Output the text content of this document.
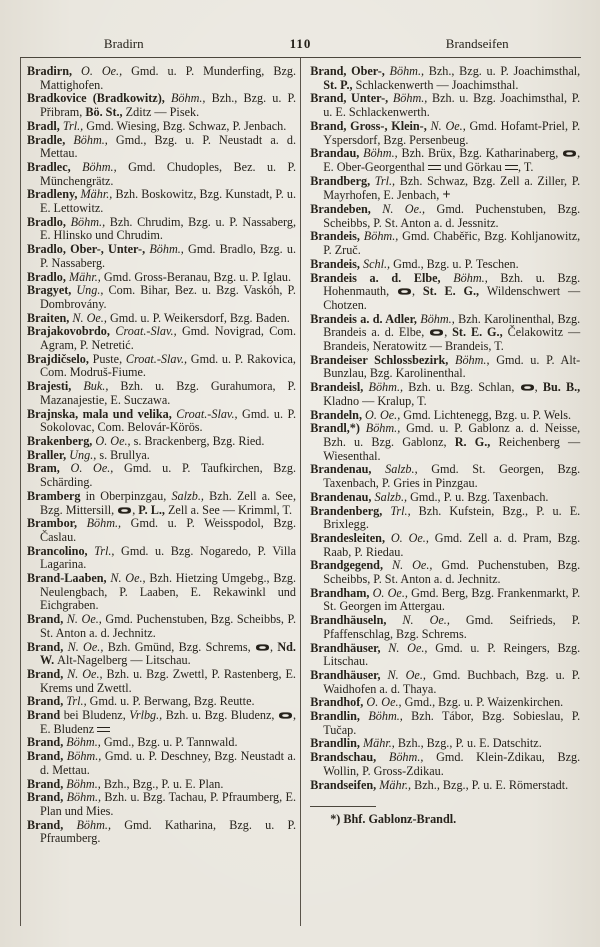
Bradirn	110	Brandseifen

Bradirn, O. Oe., Gmd. u. P. Munderfing, Bzg. Mattighofen.

Bradkovice (Bradkowitz), Böhm., Bzh., Bzg. u. P. Přibram, Bö. St., Zditz — Pisek.

Bradl, Trl., Gmd. Wiesing, Bzg. Schwaz, P. Jenbach.

Bradle, Böhm., Gmd., Bzg. u. P. Neustadt a. d. Mettau.

Bradlec, Böhm., Gmd. Chudoples, Bez. u. P. Münchengrätz.

Bradleny, Mähr., Bzh. Boskowitz, Bzg. Kunstadt, P. u. E. Lettowitz.

Bradlo, Böhm., Bzh. Chrudim, Bzg. u. P. Nassaberg, E. Hlinsko und Chrudim.

Bradlo, Ober-, Unter-, Böhm., Gmd. Bradlo, Bzg. u. P. Nassaberg.

Bradlo, Mähr., Gmd. Gross-Beranau, Bzg. u. P. Iglau.

Bragyet, Ung., Com. Bihar, Bez. u. Bzg. Vaskóh, P. Dombrovány.

Braiten, N. Oe., Gmd. u. P. Weikersdorf, Bzg. Baden.

Brajakovobrdo, Croat.-Slav., Gmd. Novigrad, Com. Agram, P. Netretić.

Brajdičselo, Puste, Croat.-Slav., Gmd. u. P. Rakovica, Com. Modruš-Fiume.

Brajesti, Buk., Bzh. u. Bzg. Gurahumora, P. Mazanajestie, E. Suczawa.

Brajnska, mala und velika, Croat.-Slav., Gmd. u. P. Sokolovac, Com. Belovár-Körös.

Brakenberg, O. Oe., s. Brackenberg, Bzg. Ried.

Braller, Ung., s. Brullya.

Bram, O. Oe., Gmd. u. P. Taufkirchen, Bzg. Schärding.

Bramberg in Oberpinzgau, Salzb., Bzh. Zell a. See, Bzg. Mittersill, , P. L., Zell a. See — Krimml, T.

Brambor, Böhm., Gmd. u. P. Weisspodol, Bzg. Časlau.

Brancolino, Trl., Gmd. u. Bzg. Nogaredo, P. Villa Lagarina.

Brand-Laaben, N. Oe., Bzh. Hietzing Umgebg., Bzg. Neulengbach, P. Laaben, E. Rekawinkl und Eichgraben.

Brand, N. Oe., Gmd. Puchenstuben, Bzg. Scheibbs, P. St. Anton a. d. Jechnitz.

Brand, N. Oe., Bzh. Gmünd, Bzg. Schrems, , Nd. W. Alt-Nagelberg — Litschau.

Brand, N. Oe., Bzh. u. Bzg. Zwettl, P. Rastenberg, E. Krems und Zwettl.

Brand, Trl., Gmd. u. P. Berwang, Bzg. Reutte.

Brand bei Bludenz, Vrlbg., Bzh. u. Bzg. Bludenz, , E. Bludenz

Brand, Böhm., Gmd., Bzg. u. P. Tannwald.

Brand, Böhm., Gmd. u. P. Deschney, Bzg. Neustadt a. d. Mettau.

Brand, Böhm., Bzh., Bzg., P. u. E. Plan.

Brand, Böhm., Bzh. u. Bzg. Tachau, P. Pfraumberg, E. Plan und Mies.

Brand, Böhm., Gmd. Katharina, Bzg. u. P. Pfraumberg.

Brand, Ober-, Böhm., Bzh., Bzg. u. P. Joachimsthal, St. P., Schlackenwerth — Joachimsthal.

Brand, Unter-, Böhm., Bzh. u. Bzg. Joachimsthal, P. u. E. Schlackenwerth.

Brand, Gross-, Klein-, N. Oe., Gmd. Hofamt-Priel, P. Yspersdorf, Bzg. Persenbeug.

Brandau, Böhm., Bzh. Brüx, Bzg. Katharinaberg, , E. Ober-Georgenthal  und Görkau , T.

Brandberg, Trl., Bzh. Schwaz, Bzg. Zell a. Ziller, P. Mayrhofen, E. Jenbach, +

Brandeben, N. Oe., Gmd. Puchenstuben, Bzg. Scheibbs, P. St. Anton a. d. Jessnitz.

Brandeis, Böhm., Gmd. Chaběřic, Bzg. Kohljanowitz, P. Zruč.

Brandeis, Schl., Gmd., Bzg. u. P. Teschen.

Brandeis a. d. Elbe, Böhm., Bzh. u. Bzg. Hohenmauth, , St. E. G., Wildenschwert — Chotzen.

Brandeis a. d. Adler, Böhm., Bzh. Karolinenthal, Bzg. Brandeis a. d. Elbe, , St. E. G., Čelakowitz — Brandeis, Neratowitz — Brandeis, T.

Brandeiser Schlossbezirk, Böhm., Gmd. u. P. Alt-Bunzlau, Bzg. Karolinenthal.

Brandeisl, Böhm., Bzh. u. Bzg. Schlan, , Bu. B., Kladno — Kralup, T.

Brandeln, O. Oe., Gmd. Lichtenegg, Bzg. u. P. Wels.

Brandl,*) Böhm., Gmd. u. P. Gablonz a. d. Neisse, Bzh. u. Bzg. Gablonz, R. G., Reichenberg — Wiesenthal.

Brandenau, Salzb., Gmd. St. Georgen, Bzg. Taxenbach, P. Gries in Pinzgau.

Brandenau, Salzb., Gmd., P. u. Bzg. Taxenbach.

Brandenberg, Trl., Bzh. Kufstein, Bzg., P. u. E. Brixlegg.

Brandesleiten, O. Oe., Gmd. Zell a. d. Pram, Bzg. Raab, P. Riedau.

Brandgegend, N. Oe., Gmd. Puchenstuben, Bzg. Scheibbs, P. St. Anton a. d. Jechnitz.

Brandham, O. Oe., Gmd. Berg, Bzg. Frankenmarkt, P. St. Georgen im Attergau.

Brandhäuseln, N. Oe., Gmd. Seifrieds, P. Pfaffenschlag, Bzg. Schrems.

Brandhäuser, N. Oe., Gmd. u. P. Reingers, Bzg. Litschau.

Brandhäuser, N. Oe., Gmd. Buchbach, Bzg. u. P. Waidhofen a. d. Thaya.

Brandhof, O. Oe., Gmd., Bzg. u. P. Waizenkirchen.

Brandlin, Böhm., Bzh. Tábor, Bzg. Sobieslau, P. Tučap.

Brandlin, Mähr., Bzh., Bzg., P. u. E. Datschitz.

Brandschau, Böhm., Gmd. Klein-Zdikau, Bzg. Wollin, P. Gross-Zdikau.

Brandseifen, Mähr., Bzh., Bzg., P. u. E. Römerstadt.

*) Bhf. Gablonz-Brandl.
